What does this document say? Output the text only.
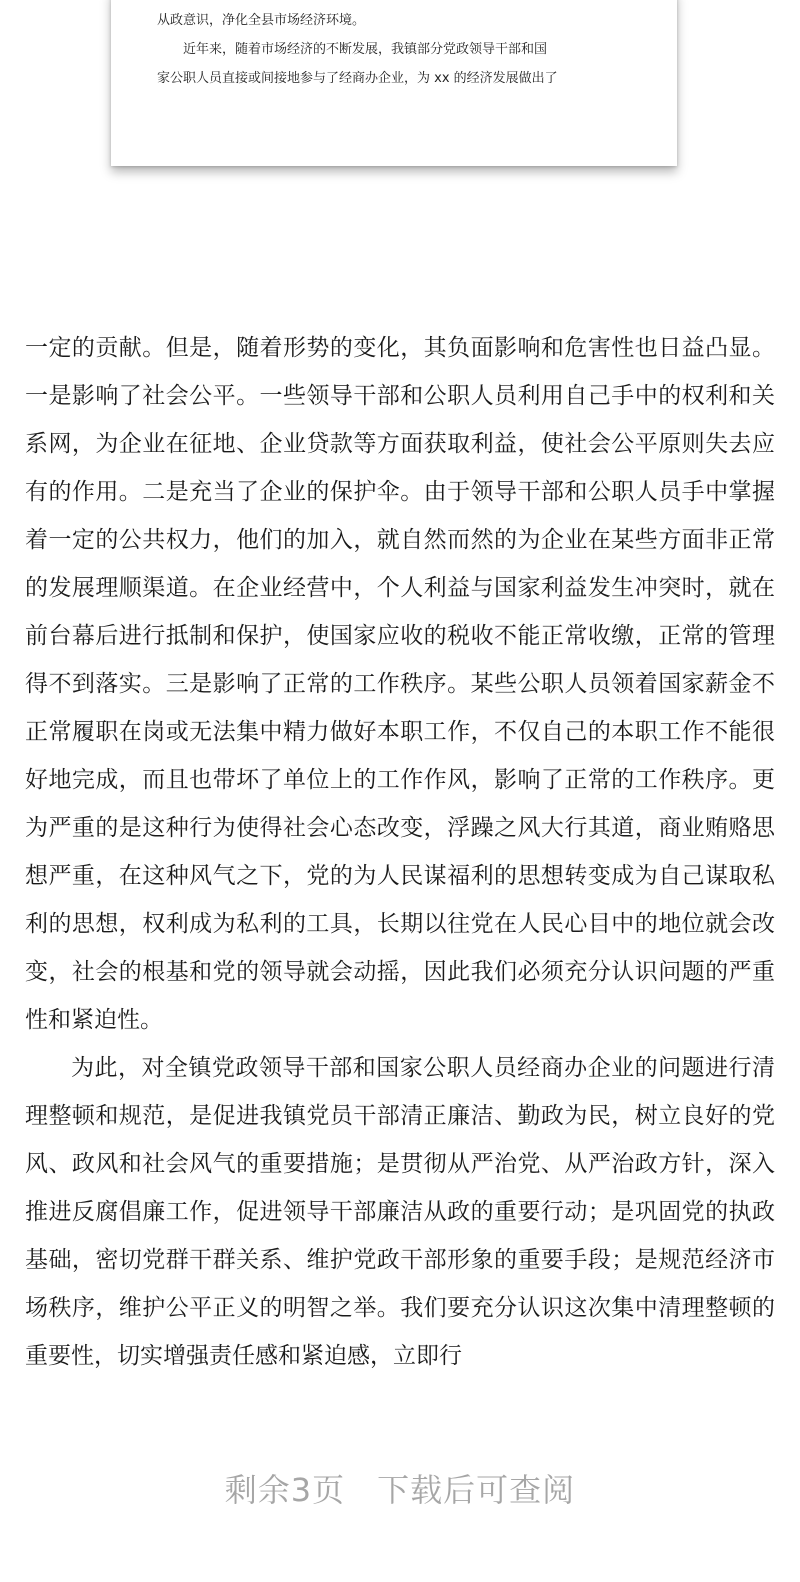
从政意识，净化全县市场经济环境。

近年来，随着市场经济的不断发展，我镇部分党政领导干部和国

家公职人员直接或间接地参与了经商办企业，为 xx 的经济发展做出了

一定的贡献。但是，随着形势的变化，其负面影响和危害性也日益凸显。一是影响了社会公平。一些领导干部和公职人员利用自己手中的权利和关系网，为企业在征地、企业贷款等方面获取利益，使社会公平原则失去应有的作用。二是充当了企业的保护伞。由于领导干部和公职人员手中掌握着一定的公共权力，他们的加入，就自然而然的为企业在某些方面非正常的发展理顺渠道。在企业经营中，个人利益与国家利益发生冲突时，就在前台幕后进行抵制和保护，使国家应收的税收不能正常收缴，正常的管理得不到落实。三是影响了正常的工作秩序。某些公职人员领着国家薪金不正常履职在岗或无法集中精力做好本职工作，不仅自己的本职工作不能很好地完成，而且也带坏了单位上的工作作风，影响了正常的工作秩序。更为严重的是这种行为使得社会心态改变，浮躁之风大行其道，商业贿赂思想严重，在这种风气之下，党的为人民谋福利的思想转变成为自己谋取私利的思想，权利成为私利的工具，长期以往党在人民心目中的地位就会改变，社会的根基和党的领导就会动摇，因此我们必须充分认识问题的严重性和紧迫性。

为此，对全镇党政领导干部和国家公职人员经商办企业的问题进行清理整顿和规范，是促进我镇党员干部清正廉洁、勤政为民，树立良好的党风、政风和社会风气的重要措施；是贯彻从严治党、从严治政方针，深入推进反腐倡廉工作，促进领导干部廉洁从政的重要行动；是巩固党的执政基础，密切党群干群关系、维护党政干部形象的重要手段；是规范经济市场秩序，维护公平正义的明智之举。我们要充分认识这次集中清理整顿的重要性，切实增强责任感和紧迫感，立即行

剩余3页 下载后可查阅
